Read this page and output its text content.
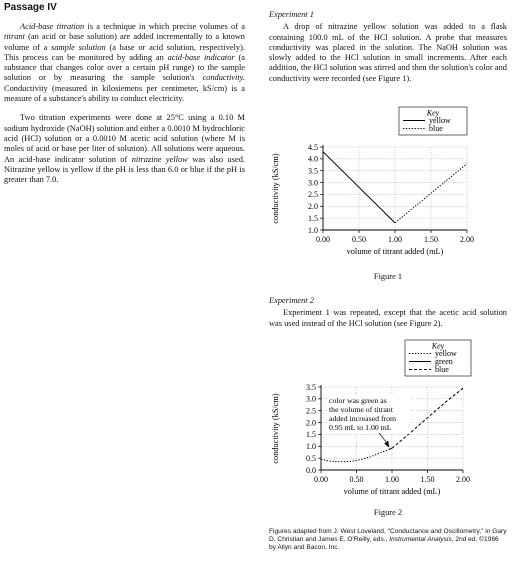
Passage IV

Acid-base titration is a technique in which precise volumes of a titrant (an acid or base solution) are added incrementally to a known volume of a sample solution (a base or acid solution, respectively). This process can be monitored by adding an acid-base indicator (a substance that changes color over a certain pH range) to the sample solution or by measuring the sample solution's conductivity. Conductivity (measured in kilosiemens per centimeter, kS/cm) is a measure of a substance's ability to conduct electricity.

Two titration experiments were done at 25°C using a 0.10 M sodium hydroxide (NaOH) solution and either a 0.0010 M hydrochloric acid (HCl) solution or a 0.0010 M acetic acid solution (where M is moles of acid or base per liter of solution). All solutions were aqueous. An acid-base indicator solution of nitrazine yellow was also used. Nitrazine yellow is yellow if the pH is less than 6.0 or blue if the pH is greater than 7.0.

Experiment 1

A drop of nitrazine yellow solution was added to a flask containing 100.0 mL of the HCl solution. A probe that measures conductivity was placed in the solution. The NaOH solution was slowly added to the HCl solution in small increments. After each addition, the HCl solution was stirred and then the solution's color and conductivity were recorded (see Figure 1).

1.0
1.5
2.0
2.5
3.0
3.5
4.0
4.5
0.00	0.50	1.00	1.50	2.00
volume of titrant added (mL)
conductivity (kS/cm)
Key
yellow
blue
Figure 1
Experiment 2

Experiment 1 was repeated, except that the acetic acid solution was used instead of the HCl solution (see Figure 2).

0.0
0.5
1.0
1.5
2.0
2.5
3.0
3.5
0.00	0.50	1.00	1.50	2.00
volume of titrant added (mL)
conductivity (kS/cm)
Key
yellow
green
blue
color was green as
the volume of titrant
added increased from
0.95 mL to 1.00 mL
Figure 2
Figures adapted from J. West Loveland, "Conductance and Oscillometry," in Gary D. Christian and James E. O'Reilly, eds., Instrumental Analysis, 2nd ed. ©1986 by Allyn and Bacon, Inc.
